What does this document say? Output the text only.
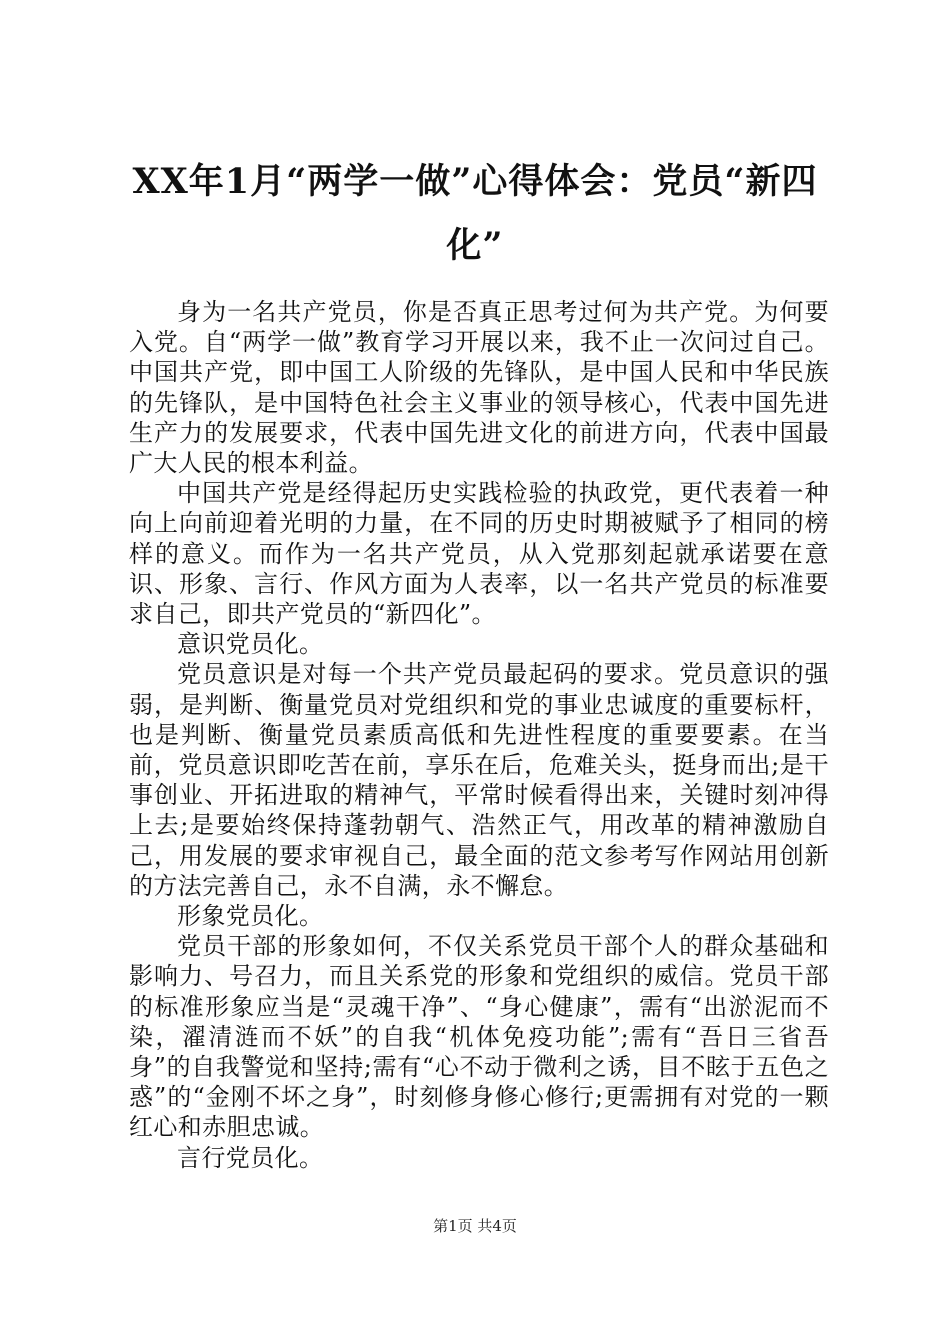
XX年1月“两学一做”心得体会：党员“新四化”

身为一名共产党员，你是否真正思考过何为共产党。为何要入党。自“两学一做”教育学习开展以来，我不止一次问过自己。中国共产党，即中国工人阶级的先锋队，是中国人民和中华民族的先锋队，是中国特色社会主义事业的领导核心，代表中国先进生产力的发展要求，代表中国先进文化的前进方向，代表中国最广大人民的根本利益。

中国共产党是经得起历史实践检验的执政党，更代表着一种向上向前迎着光明的力量，在不同的历史时期被赋予了相同的榜样的意义。而作为一名共产党员，从入党那刻起就承诺要在意识、形象、言行、作风方面为人表率，以一名共产党员的标准要求自己，即共产党员的“新四化”。

意识党员化。

党员意识是对每一个共产党员最起码的要求。党员意识的强弱，是判断、衡量党员对党组织和党的事业忠诚度的重要标杆，也是判断、衡量党员素质高低和先进性程度的重要要素。在当前，党员意识即吃苦在前，享乐在后，危难关头，挺身而出;是干事创业、开拓进取的精神气，平常时候看得出来，关键时刻冲得上去;是要始终保持蓬勃朝气、浩然正气，用改革的精神激励自己，用发展的要求审视自己，最全面的范文参考写作网站用创新的方法完善自己，永不自满，永不懈怠。

形象党员化。

党员干部的形象如何，不仅关系党员干部个人的群众基础和影响力、号召力，而且关系党的形象和党组织的威信。党员干部的标准形象应当是“灵魂干净”、“身心健康”，需有“出淤泥而不染，濯清涟而不妖”的自我“机体免疫功能”;需有“吾日三省吾身”的自我警觉和坚持;需有“心不动于微利之诱，目不眩于五色之惑”的“金刚不坏之身”，时刻修身修心修行;更需拥有对党的一颗红心和赤胆忠诚。

言行党员化。

第1页 共4页
